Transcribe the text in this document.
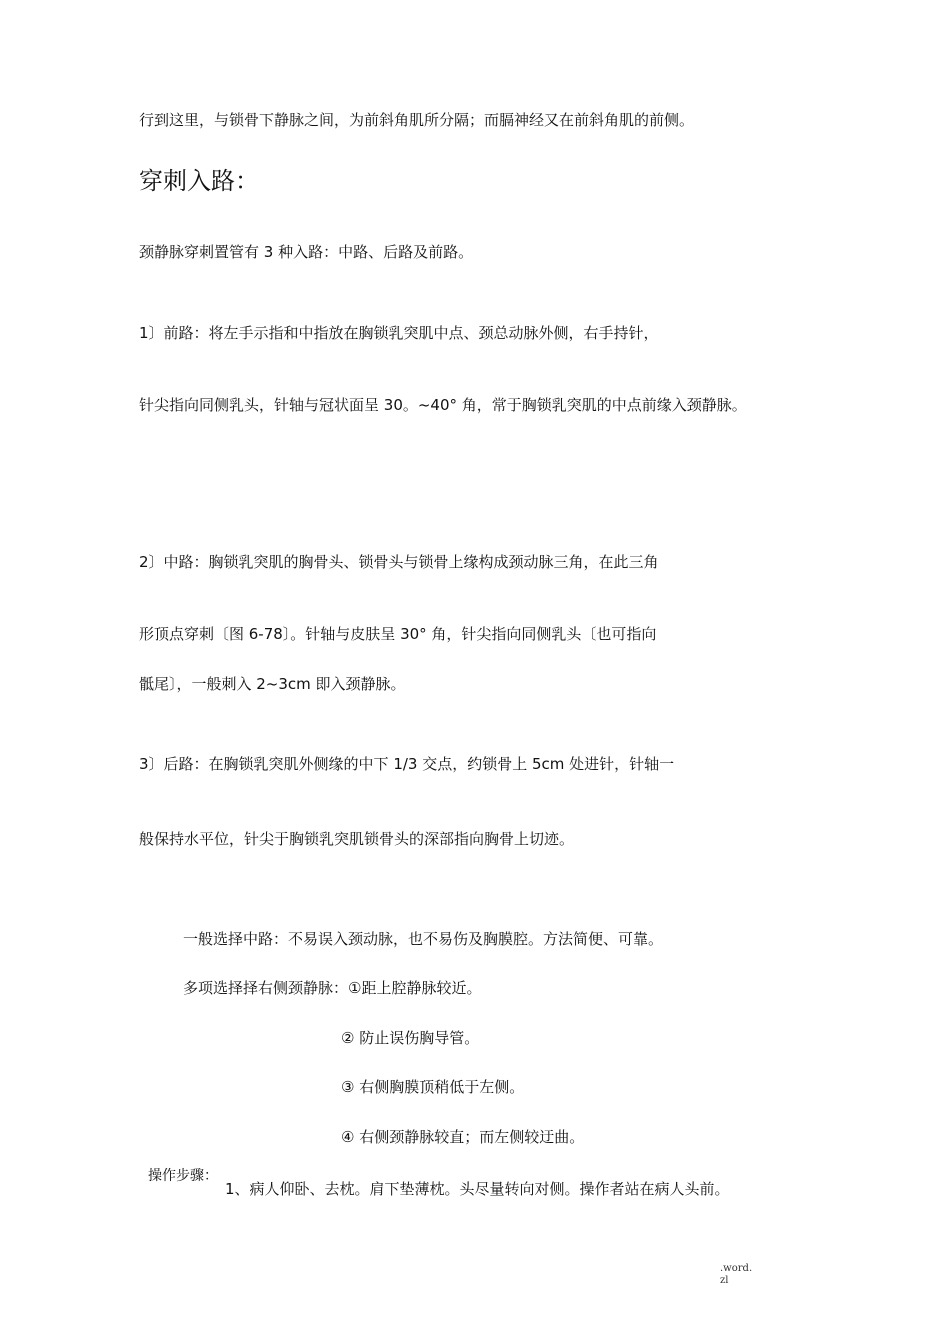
行到这里，与锁骨下静脉之间，为前斜角肌所分隔；而膈神经又在前斜角肌的前侧。
穿刺入路：
颈静脉穿刺置管有 3 种入路：中路、后路及前路。
1〕前路：将左手示指和中指放在胸锁乳突肌中点、颈总动脉外侧，右手持针，
针尖指向同侧乳头，针轴与冠状面呈 30。~40° 角，常于胸锁乳突肌的中点前缘入颈静脉。
2〕中路：胸锁乳突肌的胸骨头、锁骨头与锁骨上缘构成颈动脉三角，在此三角
形顶点穿刺〔图 6-78〕。针轴与皮肤呈 30° 角，针尖指向同侧乳头〔也可指向
骶尾〕，一般刺入 2~3cm 即入颈静脉。
3〕后路：在胸锁乳突肌外侧缘的中下 1/3 交点，约锁骨上 5cm 处进针，针轴一
般保持水平位，针尖于胸锁乳突肌锁骨头的深部指向胸骨上切迹。
一般选择中路：不易误入颈动脉，也不易伤及胸膜腔。方法简便、可靠。
多项选择择右侧颈静脉：①距上腔静脉较近。
② 防止误伤胸导管。
③ 右侧胸膜顶稍低于左侧。
④ 右侧颈静脉较直；而左侧较迂曲。
操作步骤：
1、病人仰卧、去枕。肩下垫薄枕。头尽量转向对侧。操作者站在病人头前。
.word.
zl
